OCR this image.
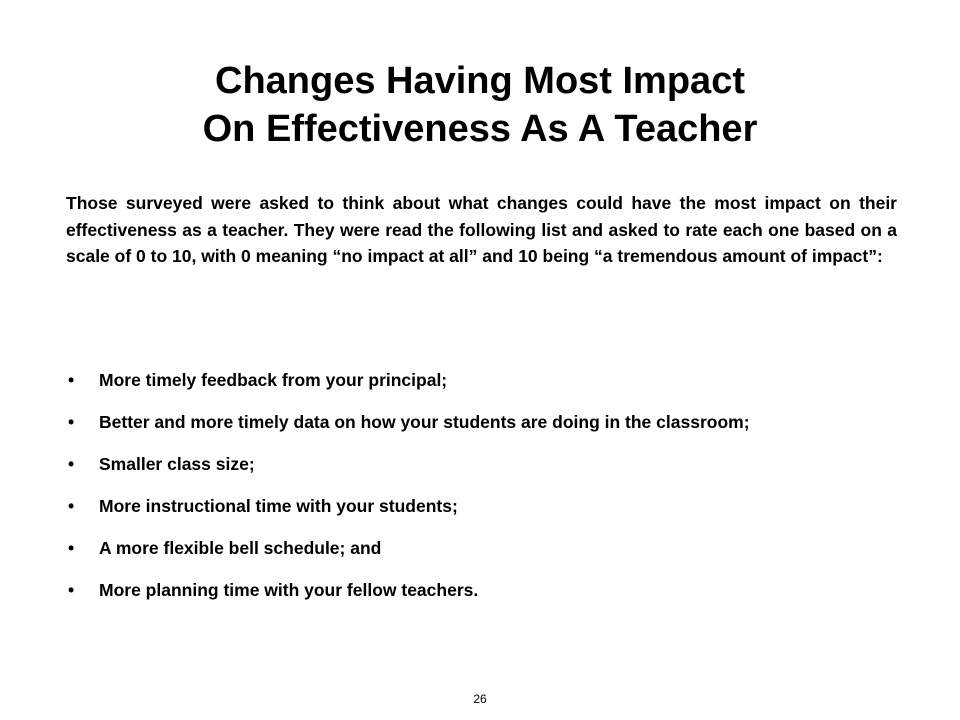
Changes Having Most Impact
On Effectiveness As A Teacher

Those surveyed were asked to think about what changes could have the most impact on their effectiveness as a teacher. They were read the following list and asked to rate each one based on a scale of 0 to 10, with 0 meaning “no impact at all” and 10 being “a tremendous amount of impact”:

• More timely feedback from your principal;
• Better and more timely data on how your students are doing in the classroom;
• Smaller class size;
• More instructional time with your students;
• A more flexible bell schedule; and
• More planning time with your fellow teachers.
26
